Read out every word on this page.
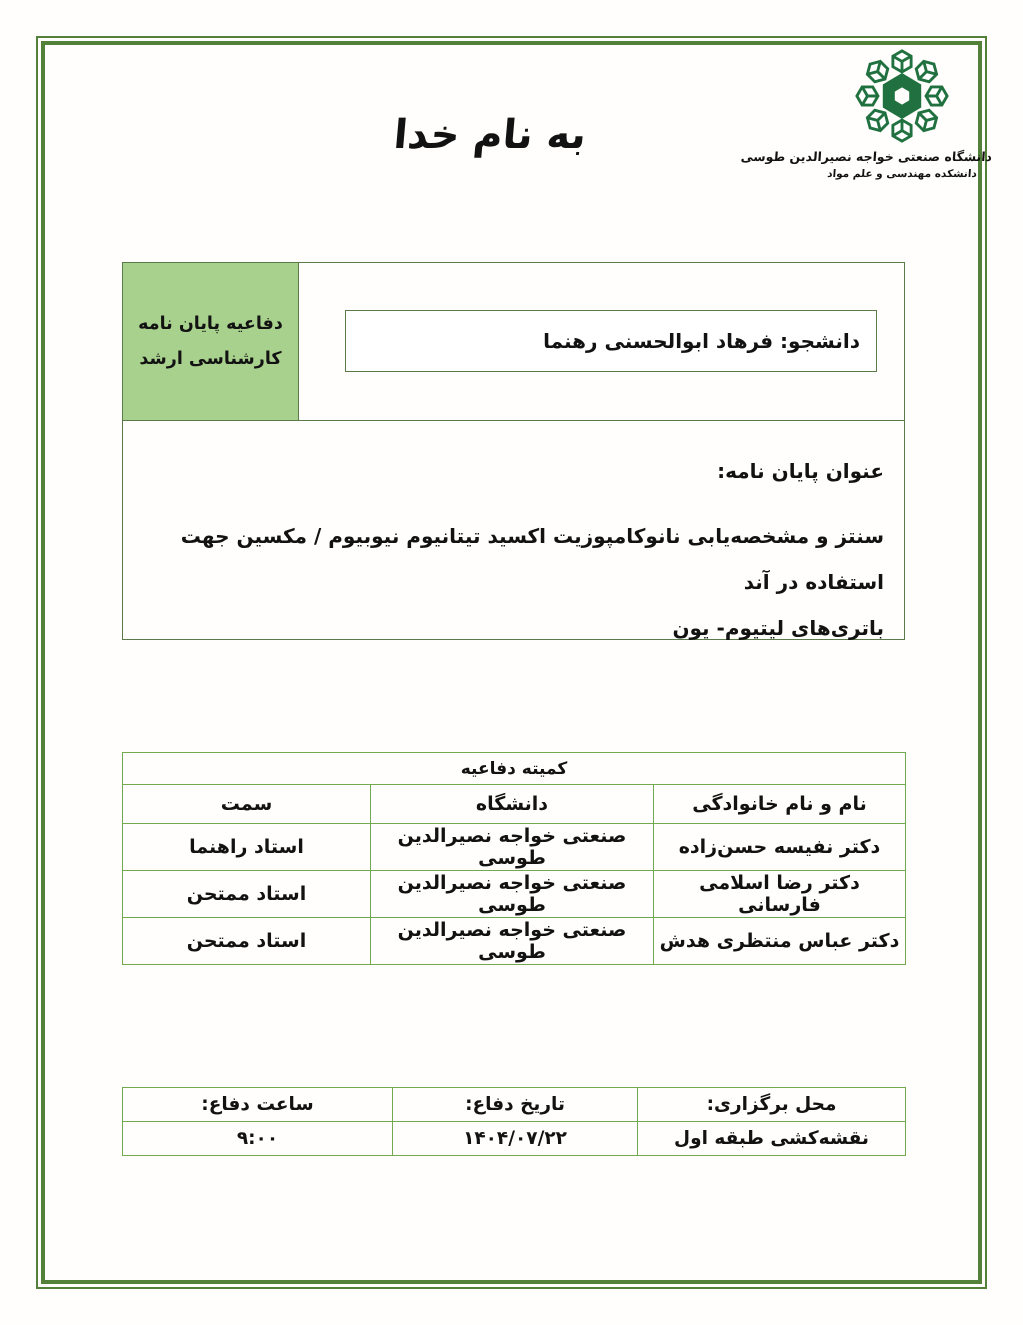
به نام خدا	دانشگاه صنعتی خواجه نصیرالدین طوسی
دانشکده مهندسی و علم مواد
دفاعیه پایان نامه
کارشناسی ارشد
دانشجو: فرهاد ابوالحسنی رهنما
عنوان پایان نامه:
سنتز و مشخصه‌یابی نانوکامپوزیت اکسید تیتانیوم نیوبیوم / مکسین جهت استفاده در آند
باتری‌های لیتیوم- یون
کمیته دفاعیه		
نام و نام خانوادگی	دانشگاه	سمت
دکتر نفیسه حسن‌زاده	صنعتی خواجه نصیرالدین طوسی	استاد راهنما
دکتر رضا اسلامی فارسانی	صنعتی خواجه نصیرالدین طوسی	استاد ممتحن
دکتر عباس منتظری هدش	صنعتی خواجه نصیرالدین طوسی	استاد ممتحن
محل برگزاری:	تاریخ دفاع:	ساعت دفاع:
نقشه‌کشی طبقه اول	۱۴۰۴/۰۷/۲۲	۹:۰۰
